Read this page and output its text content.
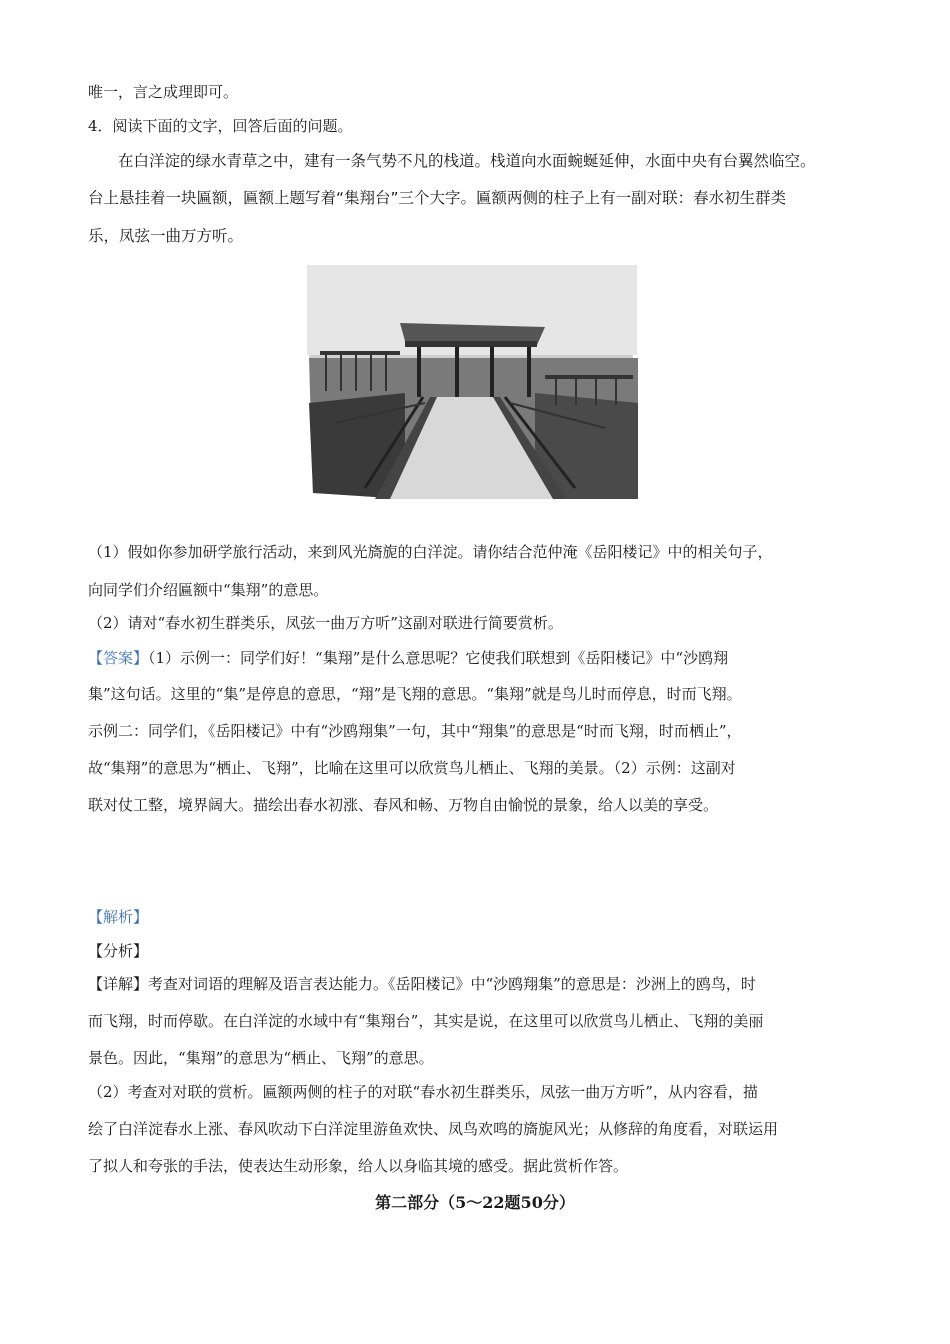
唯一，言之成理即可。
4．阅读下面的文字，回答后面的问题。
在白洋淀的绿水青草之中，建有一条气势不凡的栈道。栈道向水面蜿蜒延伸，水面中央有台翼然临空。
台上悬挂着一块匾额，匾额上题写着“集翔台”三个大字。匾额两侧的柱子上有一副对联：春水初生群类
乐，凤弦一曲万方听。
（1）假如你参加研学旅行活动，来到风光旖旎的白洋淀。请你结合范仲淹《岳阳楼记》中的相关句子，
向同学们介绍匾额中“集翔”的意思。
（2）请对“春水初生群类乐，凤弦一曲万方听”这副对联进行简要赏析。
【答案】（1）示例一：同学们好！“集翔”是什么意思呢？它使我们联想到《岳阳楼记》中“沙鸥翔
集”这句话。这里的“集”是停息的意思，“翔”是飞翔的意思。“集翔”就是鸟儿时而停息，时而飞翔。
示例二：同学们，《岳阳楼记》中有“沙鸥翔集”一句，其中“翔集”的意思是“时而飞翔，时而栖止”，
故“集翔”的意思为“栖止、飞翔”，比喻在这里可以欣赏鸟儿栖止、飞翔的美景。（2）示例：这副对
联对仗工整，境界阔大。描绘出春水初涨、春风和畅、万物自由愉悦的景象，给人以美的享受。
【解析】
【分析】
【详解】考查对词语的理解及语言表达能力。《岳阳楼记》中“沙鸥翔集”的意思是：沙洲上的鸥鸟，时
而飞翔，时而停歇。在白洋淀的水域中有“集翔台”，其实是说，在这里可以欣赏鸟儿栖止、飞翔的美丽
景色。因此，“集翔”的意思为“栖止、飞翔”的意思。
（2）考查对对联的赏析。匾额两侧的柱子的对联“春水初生群类乐，凤弦一曲万方听”，从内容看，描
绘了白洋淀春水上涨、春风吹动下白洋淀里游鱼欢快、凤鸟欢鸣的旖旎风光；从修辞的角度看，对联运用
了拟人和夸张的手法，使表达生动形象，给人以身临其境的感受。据此赏析作答。
第二部分（5～22题50分）
